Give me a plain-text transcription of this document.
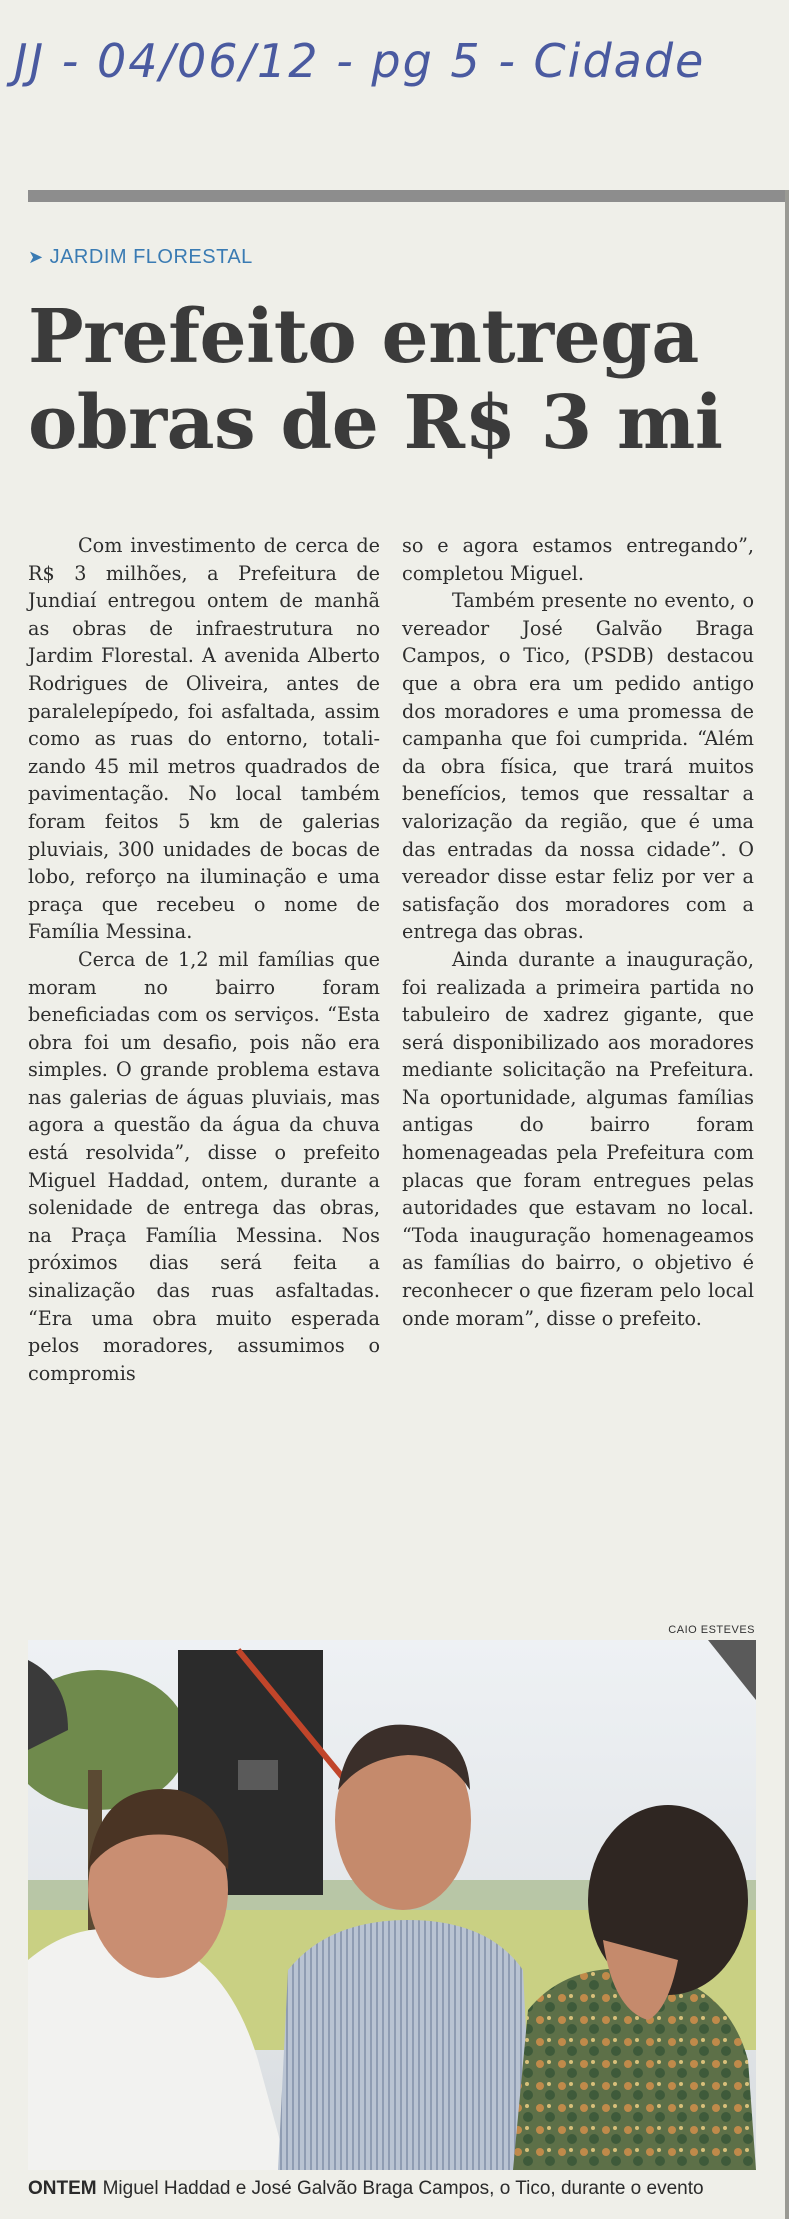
JJ - 04/06/12 - pg 5 - Cidade
➤ JARDIM FLORESTAL
Prefeito entrega
obras de R$ 3 mi

Com investimento de cerca de R$ 3 milhões, a Prefeitura de Jundiaí entregou ontem de manhã as obras de infraestrutura no Jardim Florestal. A avenida Alberto Rodrigues de Oliveira, antes de paralelepípedo, foi asfaltada, assim como as ruas do entorno, totalizando 45 mil metros quadrados de pavimentação. No local também foram feitos 5 km de galerias pluviais, 300 unidades de bocas de lobo, reforço na iluminação e uma praça que recebeu o nome de Família Messina.

Cerca de 1,2 mil famílias que moram no bairro foram beneficiadas com os serviços. “Esta obra foi um desafio, pois não era simples. O grande problema estava nas galerias de águas pluviais, mas agora a questão da água da chuva está resolvida”, disse o prefeito Miguel Haddad, ontem, durante a solenidade de entrega das obras, na Praça Família Messina. Nos próximos dias será feita a sinalização das ruas asfaltadas. “Era uma obra muito esperada pelos moradores, assumimos o compromis

so e agora estamos entregando”, completou Miguel.

Também presente no evento, o vereador José Galvão Braga Campos, o Tico, (PSDB) destacou que a obra era um pedido antigo dos moradores e uma promessa de campanha que foi cumprida. “Além da obra física, que trará muitos benefícios, temos que ressaltar a valorização da região, que é uma das entradas da nossa cidade”. O vereador disse estar feliz por ver a satisfação dos moradores com a entrega das obras.

Ainda durante a inauguração, foi realizada a primeira partida no tabuleiro de xadrez gigante, que será disponibilizado aos moradores mediante solicitação na Prefeitura. Na oportunidade, algumas famílias antigas do bairro foram homenageadas pela Prefeitura com placas que foram entregues pelas autoridades que estavam no local. “Toda inauguração homenageamos as famílias do bairro, o objetivo é reconhecer o que fizeram pelo local onde moram”, disse o prefeito.

CAIO ESTEVES
ONTEM Miguel Haddad e José Galvão Braga Campos, o Tico, durante o evento
